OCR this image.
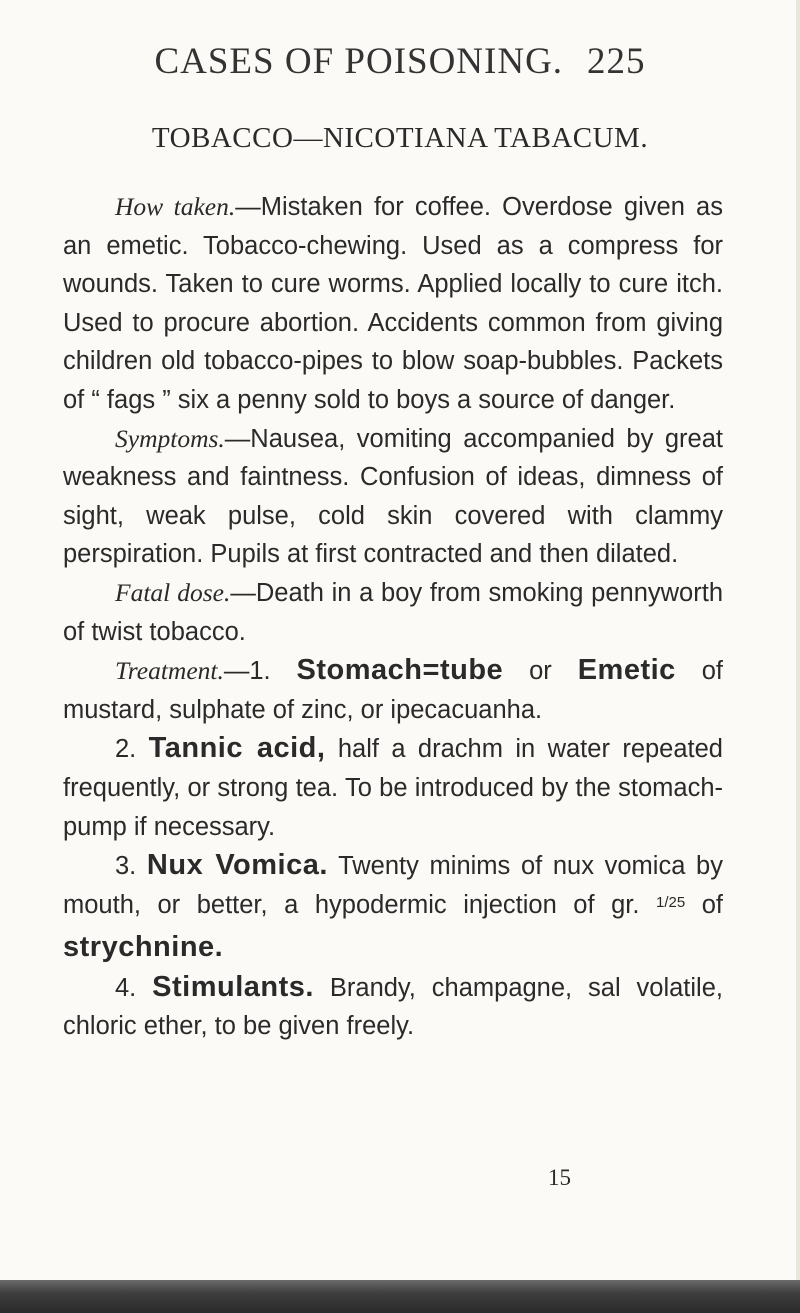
CASES OF POISONING. 225
TOBACCO—NICOTIANA TABACUM.

How taken.—Mistaken for coffee. Overdose given as an emetic. Tobacco-chewing. Used as a compress for wounds. Taken to cure worms. Applied locally to cure itch. Used to procure abortion. Accidents common from giving children old tobacco-pipes to blow soap-bubbles. Packets of “ fags ” six a penny sold to boys a source of danger.

Symptoms.—Nausea, vomiting accompanied by great weakness and faintness. Confusion of ideas, dimness of sight, weak pulse, cold skin covered with clammy perspiration. Pupils at first contracted and then dilated.

Fatal dose.—Death in a boy from smoking pennyworth of twist tobacco.

Treatment.—1. Stomach=tube or Emetic of mustard, sulphate of zinc, or ipecacuanha.

2. Tannic acid, half a drachm in water repeated frequently, or strong tea. To be introduced by the stomach-pump if necessary.

3. Nux Vomica. Twenty minims of nux vomica by mouth, or better, a hypodermic injection of gr. $^{1/25}$ of strychnine.

4. Stimulants. Brandy, champagne, sal volatile, chloric ether, to be given freely.

15
